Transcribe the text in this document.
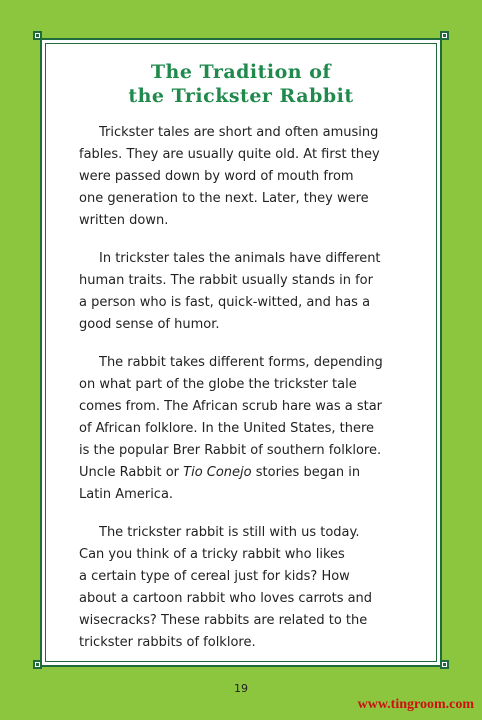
The Tradition of
the Trickster Rabbit

Trickster tales are short and often amusing
fables. They are usually quite old. At first they
were passed down by word of mouth from
one generation to the next. Later, they were
written down.

In trickster tales the animals have different
human traits. The rabbit usually stands in for
a person who is fast, quick-witted, and has a
good sense of humor.

The rabbit takes different forms, depending
on what part of the globe the trickster tale
comes from. The African scrub hare was a star
of African folklore. In the United States, there
is the popular Brer Rabbit of southern folklore.
Uncle Rabbit or Tio Conejo stories began in
Latin America.

The trickster rabbit is still with us today.
Can you think of a tricky rabbit who likes
a certain type of cereal just for kids? How
about a cartoon rabbit who loves carrots and
wisecracks? These rabbits are related to the
trickster rabbits of folklore.

19
www.tingroom.com
